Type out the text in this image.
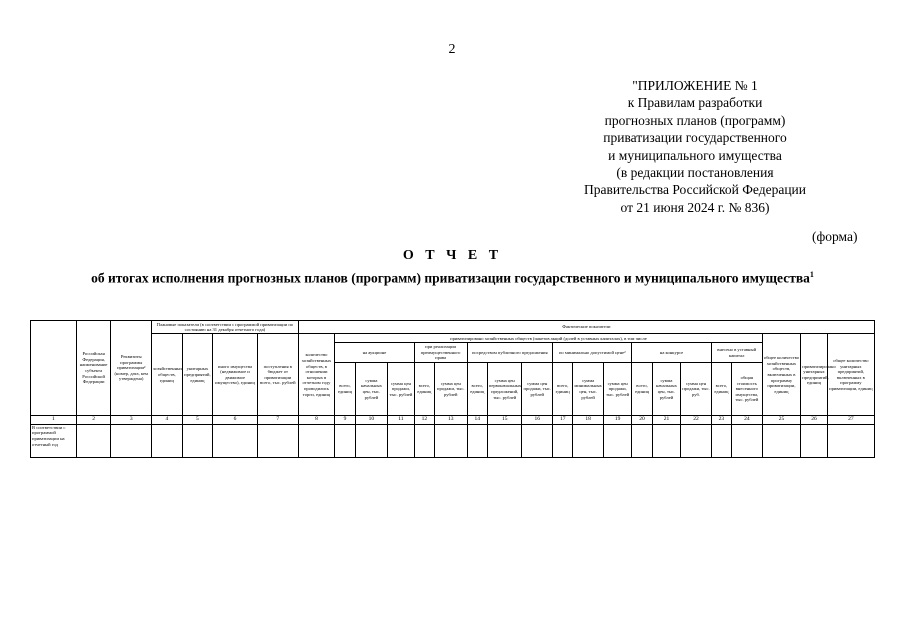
2
"ПРИЛОЖЕНИЕ № 1
к Правилам разработки
прогнозных планов (программ)
приватизации государственного
и муниципального имущества
(в редакции постановления
Правительства Российской Федерации
от 21 июня 2024 г. № 836)
(форма)
О Т Ч Е Т
об итогах исполнения прогнозных планов (программ) приватизации государственного и муниципального имущества$^1$
	Российская Федерация, наименование субъекта Российской Федерации	Реквизиты программы приватизации² (номер, дата, кем утверждена)	Плановые показатели (в соответствии с программой приватизации по состоянию на 31 декабря отчетного года)				Фактические показатели																			
			хозяйственных обществ, единиц	унитарных предприятий, единиц	иного имущества (недвижимое и движимое имущество), единиц	поступления в бюджет от приватизации всего, тыс. рублей	количество хозяйственных обществ, в отношении которых в отчетном году проводились торги, единиц	приватизировано хозяйственных обществ (пакетов акций (долей в уставных капиталах), в том числе																общее количество хозяйственных обществ, включенных в программу приватизации, единиц	приватизировано унитарных предприятий, единиц	общее количество унитарных предприятий, включенных в программу приватизации, единиц
								на аукционе			при реализации преимущественного права		посредством публичного предложения			по минимально допустимой цене²			на конкурсе			внесено в уставный капитал				
								всего, единиц	сумма начальных цен, тыс. рублей	сумма цен продажи, тыс. рублей	всего, единиц	сумма цен продажи, тыс. рублей	всего, единиц	сумма цен первоначальных предложений, тыс. рублей	сумма цен продажи, тыс. рублей	всего, единиц	сумма минимальных цен, тыс. рублей	сумма цен продажи, тыс. рублей	всего, единиц	сумма начальных цен, тыс. рублей	сумма цен продажи, тыс. руб.	всего, единиц	общая стоимость внесенного имущества, тыс. рублей			
1	2	3	4	5	6	7	8	9	10	11	12	13	14	15	16	17	18	19	20	21	22	23	24	25	26	27
В соответствии с программой приватизации на отчетный год																										
